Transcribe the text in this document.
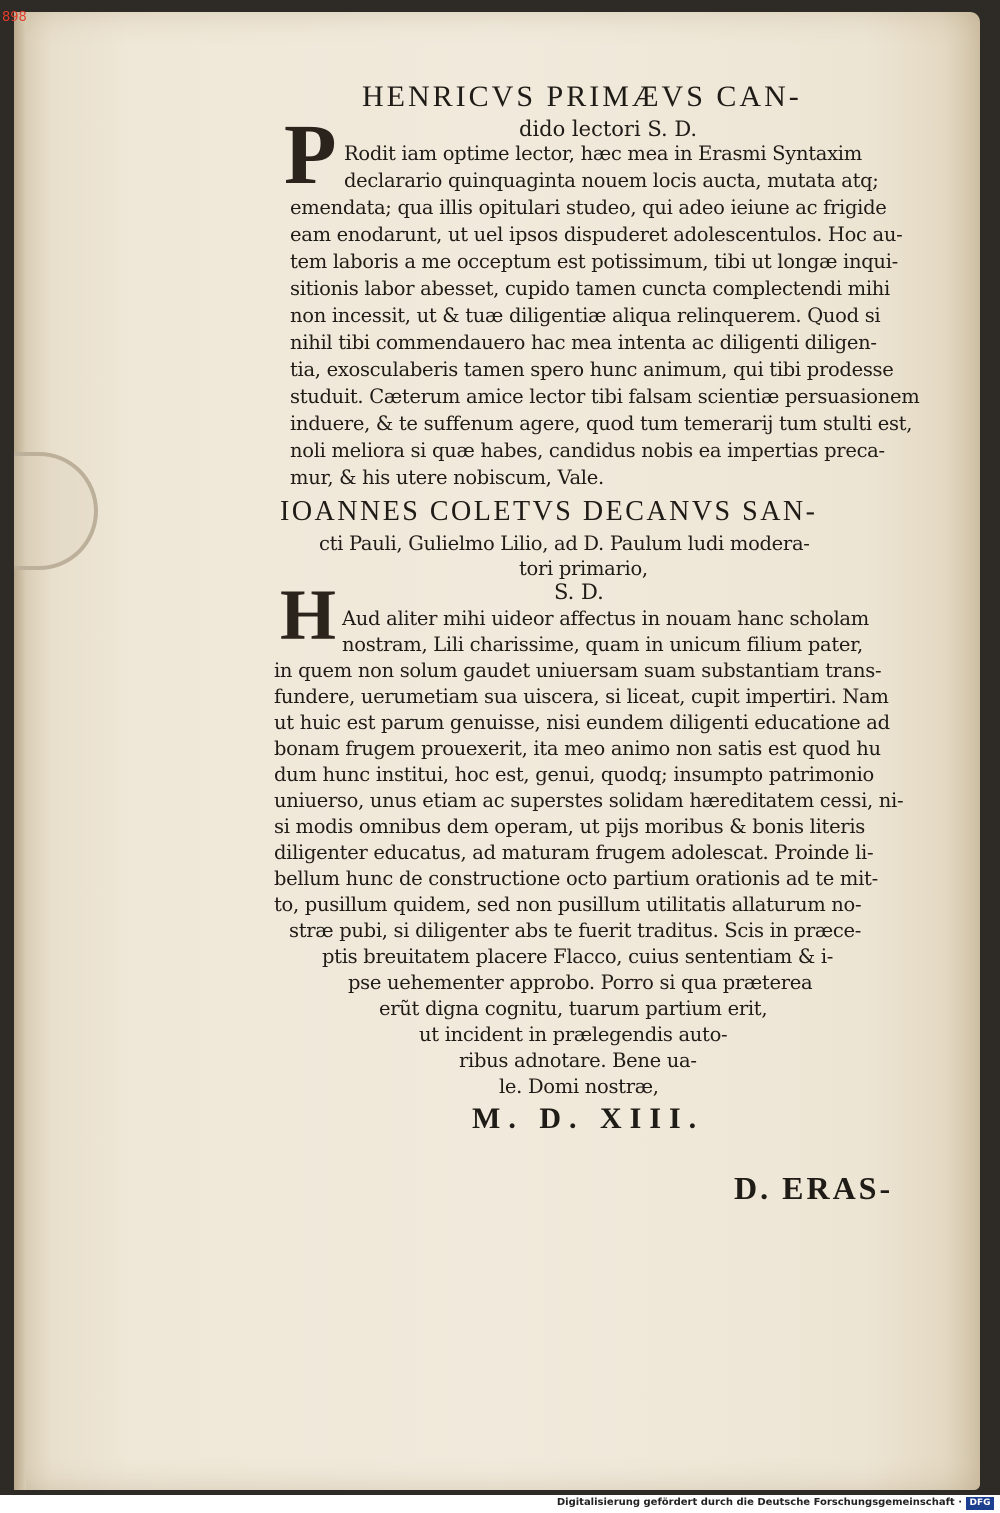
HENRICVS PRIMÆVS CAN-
dido lectori S. D.
P Rodit iam optime lector, hæc mea in Erasmi Syntaxim
declarario quinquaginta nouem locis aucta, mutata atq;
emendata; qua illis opitulari studeo, qui adeo ieiune ac frigide
eam enodarunt, ut uel ipsos dispuderet adolescentulos. Hoc au-
tem laboris a me occeptum est potissimum, tibi ut longæ inqui-
sitionis labor abesset, cupido tamen cuncta complectendi mihi
non incessit, ut & tuæ diligentiæ aliqua relinquerem. Quod si
nihil tibi commendauero hac mea intenta ac diligenti diligen-
tia, exosculaberis tamen spero hunc animum, qui tibi prodesse
studuit. Cæterum amice lector tibi falsam scientiæ persuasionem
induere, & te suffenum agere, quod tum temerarij tum stulti est,
noli meliora si quæ habes, candidus nobis ea impertias preca-
mur, & his utere nobiscum, Vale.
IOANNES COLETVS DECANVS SAN-
cti Pauli, Gulielmo Lilio, ad D. Paulum ludi modera-
tori primario,
S. D.
H Aud aliter mihi uideor affectus in nouam hanc scholam
nostram, Lili charissime, quam in unicum filium pater,
in quem non solum gaudet uniuersam suam substantiam trans-
fundere, uerumetiam sua uiscera, si liceat, cupit impertiri. Nam
ut huic est parum genuisse, nisi eundem diligenti educatione ad
bonam frugem prouexerit, ita meo animo non satis est quod hu
dum hunc institui, hoc est, genui, quodq; insumpto patrimonio
uniuerso, unus etiam ac superstes solidam hæreditatem cessi, ni-
si modis omnibus dem operam, ut pijs moribus & bonis literis
diligenter educatus, ad maturam frugem adolescat. Proinde li-
bellum hunc de constructione octo partium orationis ad te mit-
to, pusillum quidem, sed non pusillum utilitatis allaturum no-
stræ pubi, si diligenter abs te fuerit traditus. Scis in præce-
ptis breuitatem placere Flacco, cuius sententiam & i-
pse uehementer approbo. Porro si qua præterea
erũt digna cognitu, tuarum partium erit,
ut incident in prælegendis auto-
ribus adnotare. Bene ua-
le. Domi nostræ,
M. D. XIII.
D. ERAS-
898
Digitalisierung gefördert durch die Deutsche Forschungsgemeinschaft · DFG
